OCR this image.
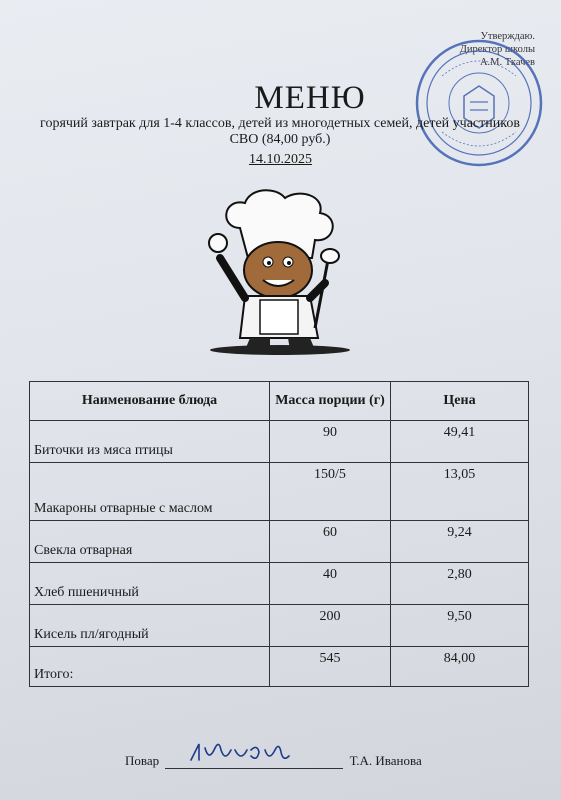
Утверждаю.
Директор школы
А.М. Ткачев
МЕНЮ
горячий завтрак для 1-4 классов, детей из многодетных семей, детей участников СВО (84,00 руб.)
14.10.2025
Наименование блюда	Масса порции (г)	Цена
Биточки из мяса птицы	90	49,41
Макароны отварные с маслом	150/5	13,05
Свекла отварная	60	9,24
Хлеб пшеничный	40	2,80
Кисель пл/ягодный	200	9,50
Итого:	545	84,00
Повар	Т.А. Иванова
